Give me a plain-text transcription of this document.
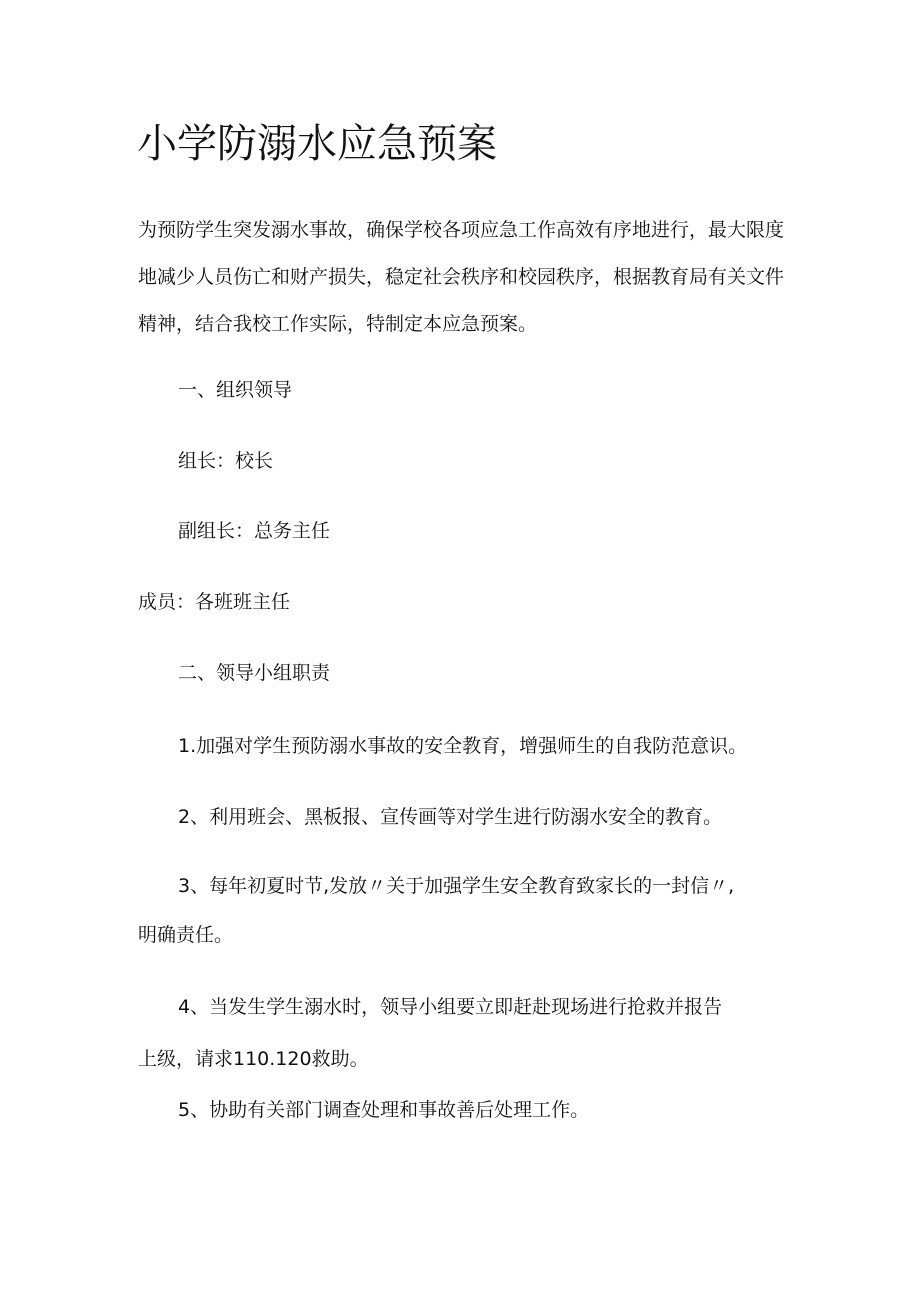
小学防溺水应急预案
为预防学生突发溺水事故，确保学校各项应急工作高效有序地进行，最大限度地减少人员伤亡和财产损失，稳定社会秩序和校园秩序，根据教育局有关文件精神，结合我校工作实际，特制定本应急预案。
一、组织领导
组长：校长
副组长：总务主任
成员：各班班主任
二、领导小组职责
1.加强对学生预防溺水事故的安全教育，增强师生的自我防范意识。
2、利用班会、黑板报、宣传画等对学生进行防溺水安全的教育。
3、每年初夏时节,发放〃关于加强学生安全教育致家长的一封信〃,
明确责任。
4、当发生学生溺水时，领导小组要立即赶赴现场进行抢救并报告
上级，请求110.120救助。
5、协助有关部门调查处理和事故善后处理工作。
